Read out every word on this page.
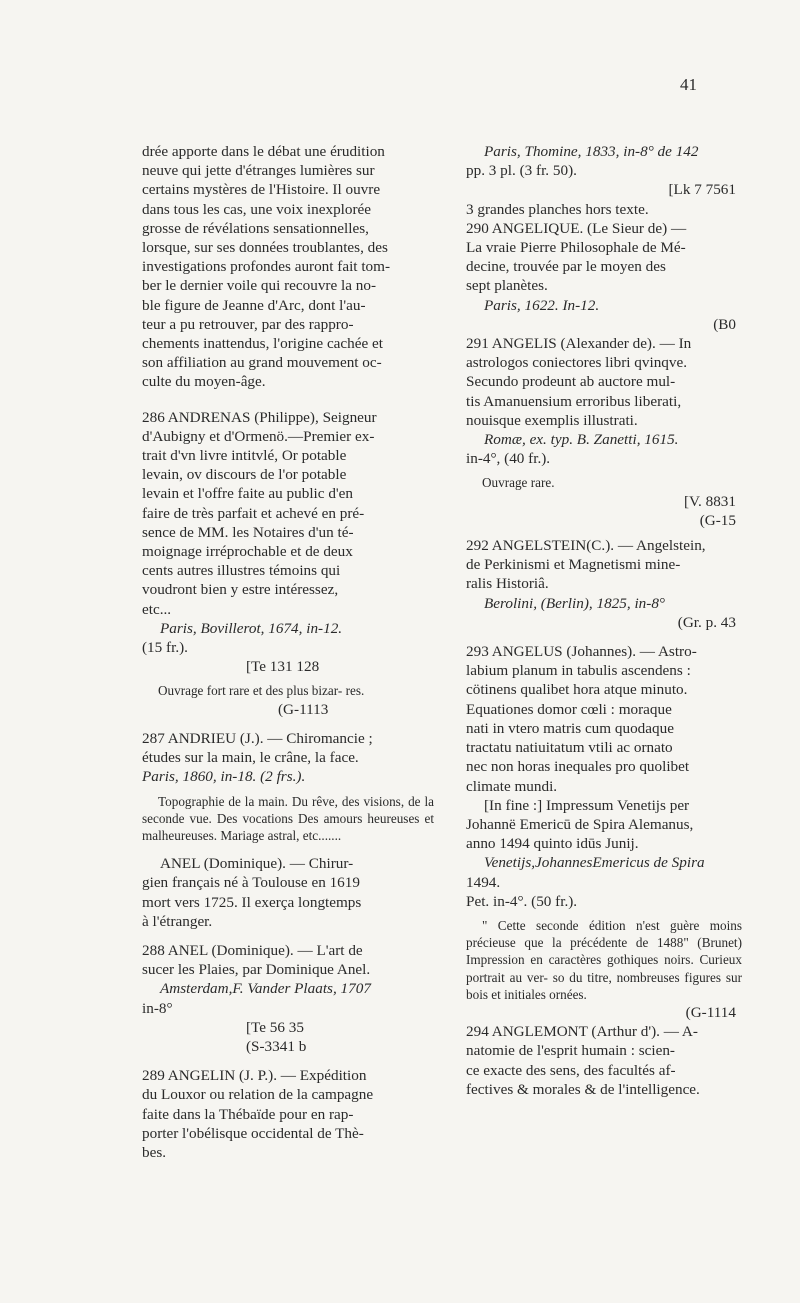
41
drée apporte dans le débat une érudition
neuve qui jette d'étranges lumières sur
certains mystères de l'Histoire. Il ouvre
dans tous les cas, une voix inexplorée
grosse de révélations sensationnelles,
lorsque, sur ses données troublantes, des
investigations profondes auront fait tom-
ber le dernier voile qui recouvre la no-
ble figure de Jeanne d'Arc, dont l'au-
teur a pu retrouver, par des rappro-
chements inattendus, l'origine cachée et
son affiliation au grand mouvement oc-
culte du moyen-âge.
286 ANDRENAS (Philippe), Seigneur
d'Aubigny et d'Ormenö.—Premier ex-
trait d'vn livre intitvlé, Or potable
levain, ov discours de l'or potable
levain et l'offre faite au public d'en
faire de très parfait et achevé en pré-
sence de MM. les Notaires d'un té-
moignage irréprochable et de deux
cents autres illustres témoins qui
voudront bien y estre intéressez,
etc...
Paris, Bovillerot, 1674, in-12.
(15 fr.).
[Te 131 128
Ouvrage fort rare et des plus bizar- res.
(G-1113
287 ANDRIEU (J.). — Chiromancie ;
études sur la main, le crâne, la face.
Paris, 1860, in-18. (2 frs.).
Topographie de la main. Du rêve, des visions, de la seconde vue. Des vocations Des amours heureuses et malheureuses. Mariage astral, etc.......
ANEL (Dominique). — Chirur-
gien français né à Toulouse en 1619
mort vers 1725. Il exerça longtemps
à l'étranger.
288 ANEL (Dominique). — L'art de
sucer les Plaies, par Dominique Anel.
Amsterdam,F. Vander Plaats, 1707
in-8°
[Te 56 35
(S-3341 b
289 ANGELIN (J. P.). — Expédition
du Louxor ou relation de la campagne
faite dans la Thébaïde pour en rap-
porter l'obélisque occidental de Thè-
bes.
Paris, Thomine, 1833, in-8° de 142
pp. 3 pl. (3 fr. 50).
[Lk 7 7561
3 grandes planches hors texte.
290 ANGELIQUE. (Le Sieur de) —
La vraie Pierre Philosophale de Mé-
decine, trouvée par le moyen des
sept planètes.
Paris, 1622. In-12.
(B0
291 ANGELIS (Alexander de). — In
astrologos coniectores libri qvinqve.
Secundo prodeunt ab auctore mul-
tis Amanuensium erroribus liberati,
nouisque exemplis illustrati.
Romæ, ex. typ. B. Zanetti, 1615.
in-4°, (40 fr.).
Ouvrage rare.
[V. 8831
(G-15
292 ANGELSTEIN(C.). — Angelstein,
de Perkinismi et Magnetismi mine-
ralis Historiâ.
Berolini, (Berlin), 1825, in-8°
(Gr. p. 43
293 ANGELUS (Johannes). — Astro-
labium planum in tabulis ascendens :
cötinens qualibet hora atque minuto.
Equationes domor cœli : moraque
nati in vtero matris cum quodaque
tractatu natiuitatum vtili ac ornato
nec non horas inequales pro quolibet
climate mundi.
[In fine :] Impressum Venetijs per
Johannë Emericū de Spira Alemanus,
anno 1494 quinto idūs Junij.
Venetijs,JohannesEmericus de Spira
1494.
Pet. in-4°. (50 fr.).
" Cette seconde édition n'est guère moins précieuse que la précédente de 1488" (Brunet) Impression en caractères gothiques noirs. Curieux portrait au ver- so du titre, nombreuses figures sur bois et initiales ornées.
(G-1114
294 ANGLEMONT (Arthur d'). — A-
natomie de l'esprit humain : scien-
ce exacte des sens, des facultés af-
fectives & morales & de l'intelligence.
